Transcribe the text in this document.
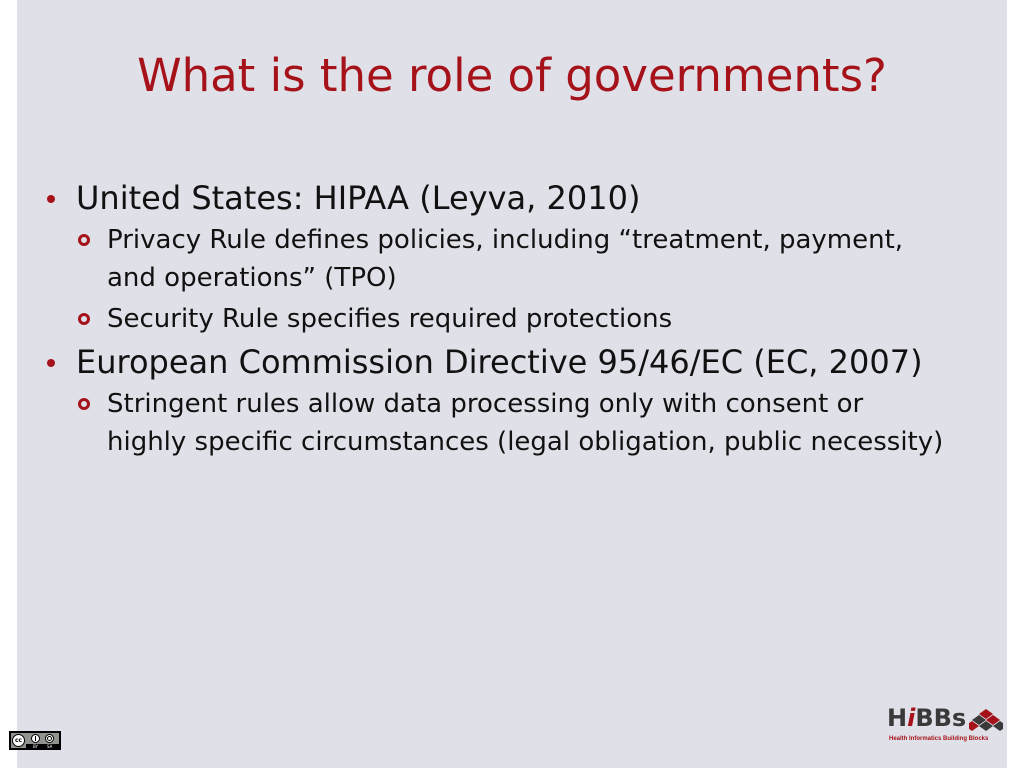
What is the role of governments?
United States: HIPAA (Leyva, 2010)
Privacy Rule defines policies, including “treatment, payment, and operations” (TPO)
Security Rule specifies required protections
European Commission Directive 95/46/EC (EC, 2007)
Stringent rules allow data processing only with consent or highly specific circumstances (legal obligation, public necessity)
HiBBs
Health Informatics Building Blocks
cc
BY SA
